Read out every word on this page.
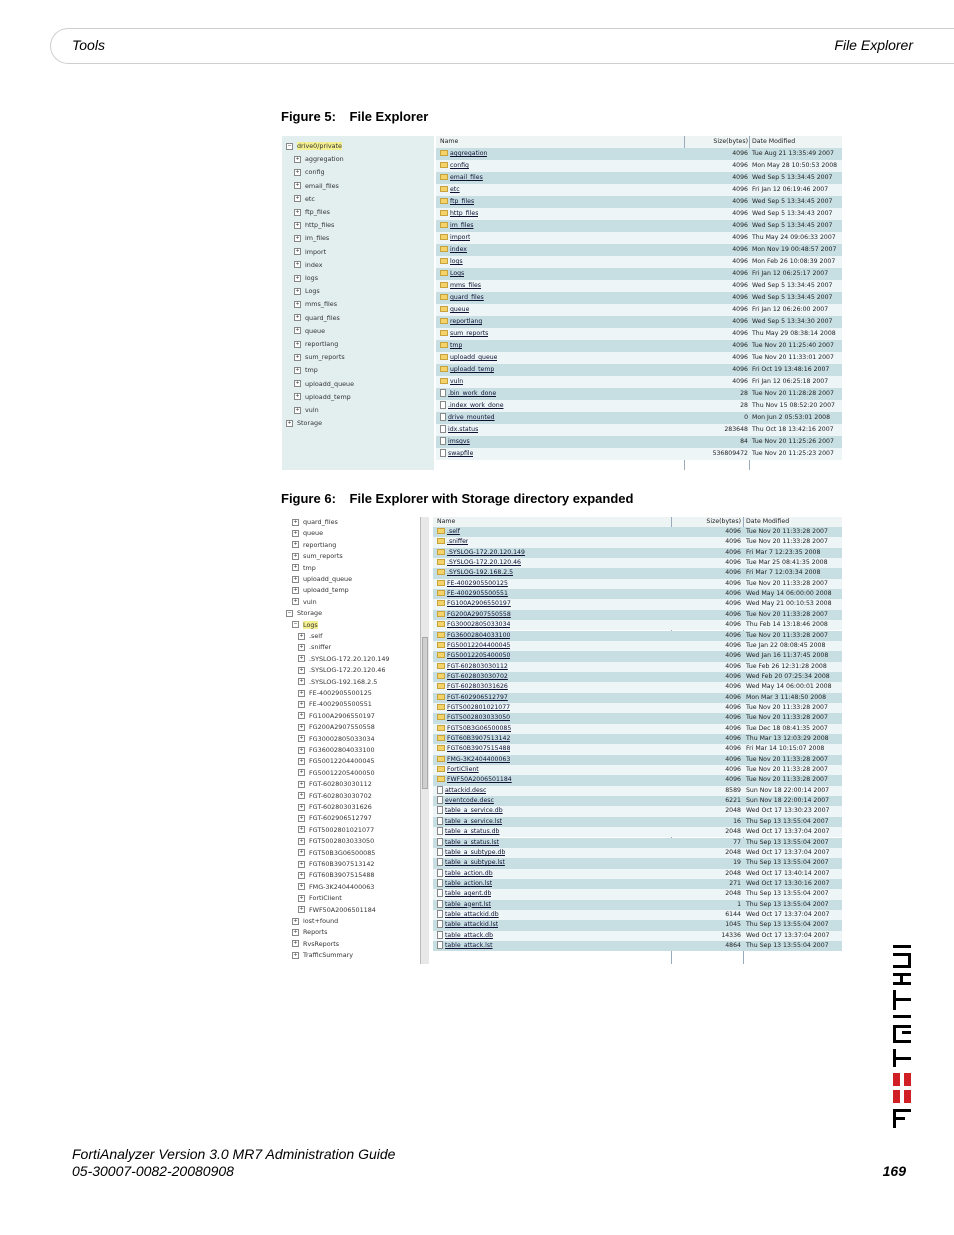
Tools	File Explorer
Figure 5: File Explorer
− drive0/private
+ aggregation
+ config
+ email_files
+ etc
+ ftp_files
+ http_files
+ im_files
+ import
+ index
+ logs
+ Logs
+ mms_files
+ quard_files
+ queue
+ reportlang
+ sum_reports
+ tmp
+ uploadd_queue
+ uploadd_temp
+ vuln
+ Storage
Name	Size(bytes) Date Modified
aggregation	4096 Tue Aug 21 13:35:49 2007
config	4096 Mon May 28 10:50:53 2008
email_files	4096 Wed Sep 5 13:34:45 2007
etc	4096 Fri Jan 12 06:19:46 2007
ftp_files	4096 Wed Sep 5 13:34:45 2007
http_files	4096 Wed Sep 5 13:34:43 2007
im_files	4096 Wed Sep 5 13:34:45 2007
import	4096 Thu May 24 09:06:33 2007
index	4096 Mon Nov 19 00:48:57 2007
logs	4096 Mon Feb 26 10:08:39 2007
Logs	4096 Fri Jan 12 06:25:17 2007
mms_files	4096 Wed Sep 5 13:34:45 2007
quard_files	4096 Wed Sep 5 13:34:45 2007
queue	4096 Fri Jan 12 06:26:00 2007
reportlang	4096 Wed Sep 5 13:34:30 2007
sum_reports	4096 Thu May 29 08:38:14 2008
tmp	4096 Tue Nov 20 11:25:40 2007
uploadd_queue	4096 Tue Nov 20 11:33:01 2007
uploadd_temp	4096 Fri Oct 19 13:48:16 2007
vuln	4096 Fri Jan 12 06:25:18 2007
.bin_work_done	28 Tue Nov 20 11:28:28 2007
.index_work_done	28 Thu Nov 15 08:52:20 2007
drive_mounted	0 Mon Jun 2 05:53:01 2008
idx.status	283648 Thu Oct 18 13:42:16 2007
imsgvs	84 Tue Nov 20 11:25:26 2007
swapfile	536809472 Tue Nov 20 11:25:23 2007
Figure 6: File Explorer with Storage directory expanded
+ quard_files
+ queue
+ reportlang
+ sum_reports
+ tmp
+ uploadd_queue
+ uploadd_temp
+ vuln
− Storage
− Logs
+ .self
+ .sniffer
+ .SYSLOG-172.20.120.149
+ .SYSLOG-172.20.120.46
+ .SYSLOG-192.168.2.5
+ FE-4002905500125
+ FE-4002905500551
+ FG100A2906550197
+ FG200A2907550558
+ FG30002805033034
+ FG36002804033100
+ FG50012204400045
+ FG50012205400050
+ FGT-602803030112
+ FGT-602803030702
+ FGT-602803031626
+ FGT-602906512797
+ FGT5002801021077
+ FGT5002803033050
+ FGT50B3G06500085
+ FGT60B3907513142
+ FGT60B3907515488
+ FMG-3K2404400063
+ FortiClient
+ FWF50A2006501184
+ lost+found
+ Reports
+ RvsReports
+ TrafficSummary
Name	Size(bytes) Date Modified
.self	4096 Tue Nov 20 11:33:28 2007
.sniffer	4096 Tue Nov 20 11:33:28 2007
.SYSLOG-172.20.120.149	4096 Fri Mar 7 12:23:35 2008
.SYSLOG-172.20.120.46	4096 Tue Mar 25 08:41:35 2008
.SYSLOG-192.168.2.5	4096 Fri Mar 7 12:03:34 2008
FE-4002905500125	4096 Tue Nov 20 11:33:28 2007
FE-4002905500551	4096 Wed May 14 06:00:00 2008
FG100A2906550197	4096 Wed May 21 00:10:53 2008
FG200A2907550558	4096 Tue Nov 20 11:33:28 2007
FG30002805033034	4096 Thu Feb 14 13:18:46 2008
FG36002804033100	4096 Tue Nov 20 11:33:28 2007
FG50012204400045	4096 Tue Jan 22 08:08:45 2008
FG50012205400050	4096 Wed Jan 16 11:37:45 2008
FGT-602803030112	4096 Tue Feb 26 12:31:28 2008
FGT-602803030702	4096 Wed Feb 20 07:25:34 2008
FGT-602803031626	4096 Wed May 14 06:00:01 2008
FGT-602906512797	4096 Mon Mar 3 11:48:50 2008
FGT5002801021077	4096 Tue Nov 20 11:33:28 2007
FGT5002803033050	4096 Tue Nov 20 11:33:28 2007
FGT50B3G06500085	4096 Tue Dec 18 08:41:35 2007
FGT60B3907513142	4096 Thu Mar 13 12:03:29 2008
FGT60B3907515488	4096 Fri Mar 14 10:15:07 2008
FMG-3K2404400063	4096 Tue Nov 20 11:33:28 2007
FortiClient	4096 Tue Nov 20 11:33:28 2007
FWF50A2006501184	4096 Tue Nov 20 11:33:28 2007
attackid.desc	8589 Sun Nov 18 22:00:14 2007
eventcode.desc	6221 Sun Nov 18 22:00:14 2007
table_a_service.db	2048 Wed Oct 17 13:30:23 2007
table_a_service.lst	16 Thu Sep 13 13:55:04 2007
table_a_status.db	2048 Wed Oct 17 13:37:04 2007
table_a_status.lst	77 Thu Sep 13 13:55:04 2007
table_a_subtype.db	2048 Wed Oct 17 13:37:04 2007
table_a_subtype.lst	19 Thu Sep 13 13:55:04 2007
table_action.db	2048 Wed Oct 17 13:40:14 2007
table_action.lst	271 Wed Oct 17 13:30:16 2007
table_agent.db	2048 Thu Sep 13 13:55:04 2007
table_agent.lst	1 Thu Sep 13 13:55:04 2007
table_attackid.db	6144 Wed Oct 17 13:37:04 2007
table_attackid.lst	1045 Thu Sep 13 13:55:04 2007
table_attack.db	14336 Wed Oct 17 13:37:04 2007
table_attack.lst	4864 Thu Sep 13 13:55:04 2007
FortiAnalyzer Version 3.0 MR7 Administration Guide
05-30007-0082-20080908	169
